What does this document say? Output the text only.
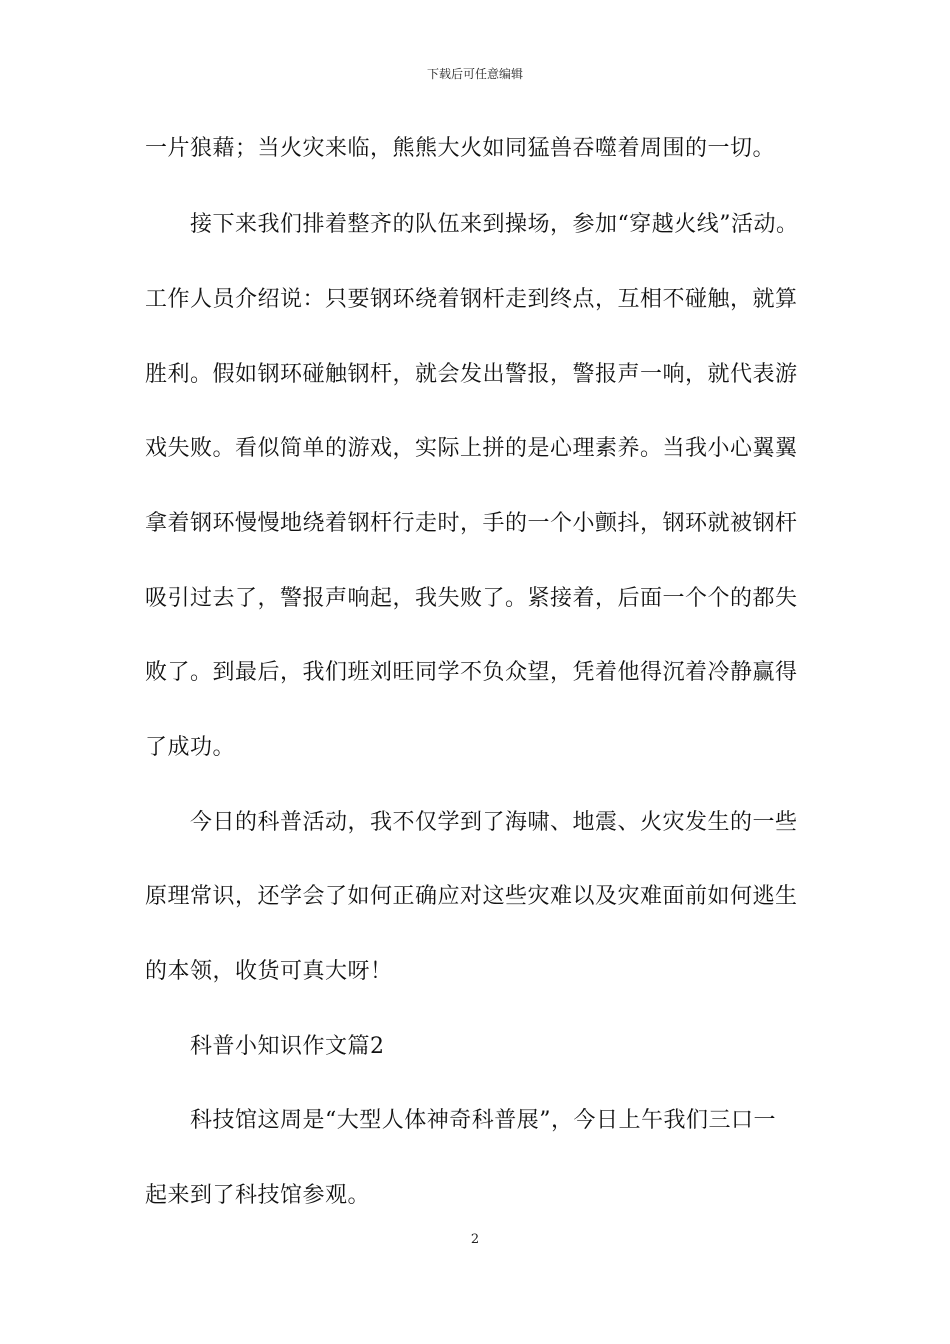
下载后可任意编辑
一片狼藉；当火灾来临，熊熊大火如同猛兽吞噬着周围的一切。
接下来我们排着整齐的队伍来到操场，参加“穿越火线”活动。
工作人员介绍说：只要钢环绕着钢杆走到终点，互相不碰触，就算
胜利。假如钢环碰触钢杆，就会发出警报，警报声一响，就代表游
戏失败。看似简单的游戏，实际上拼的是心理素养。当我小心翼翼
拿着钢环慢慢地绕着钢杆行走时，手的一个小颤抖，钢环就被钢杆
吸引过去了，警报声响起，我失败了。紧接着，后面一个个的都失
败了。到最后，我们班刘旺同学不负众望，凭着他得沉着冷静赢得
了成功。
今日的科普活动，我不仅学到了海啸、地震、火灾发生的一些
原理常识，还学会了如何正确应对这些灾难以及灾难面前如何逃生
的本领，收货可真大呀！
科普小知识作文篇2
科技馆这周是“大型人体神奇科普展”，今日上午我们三口一
起来到了科技馆参观。
2
